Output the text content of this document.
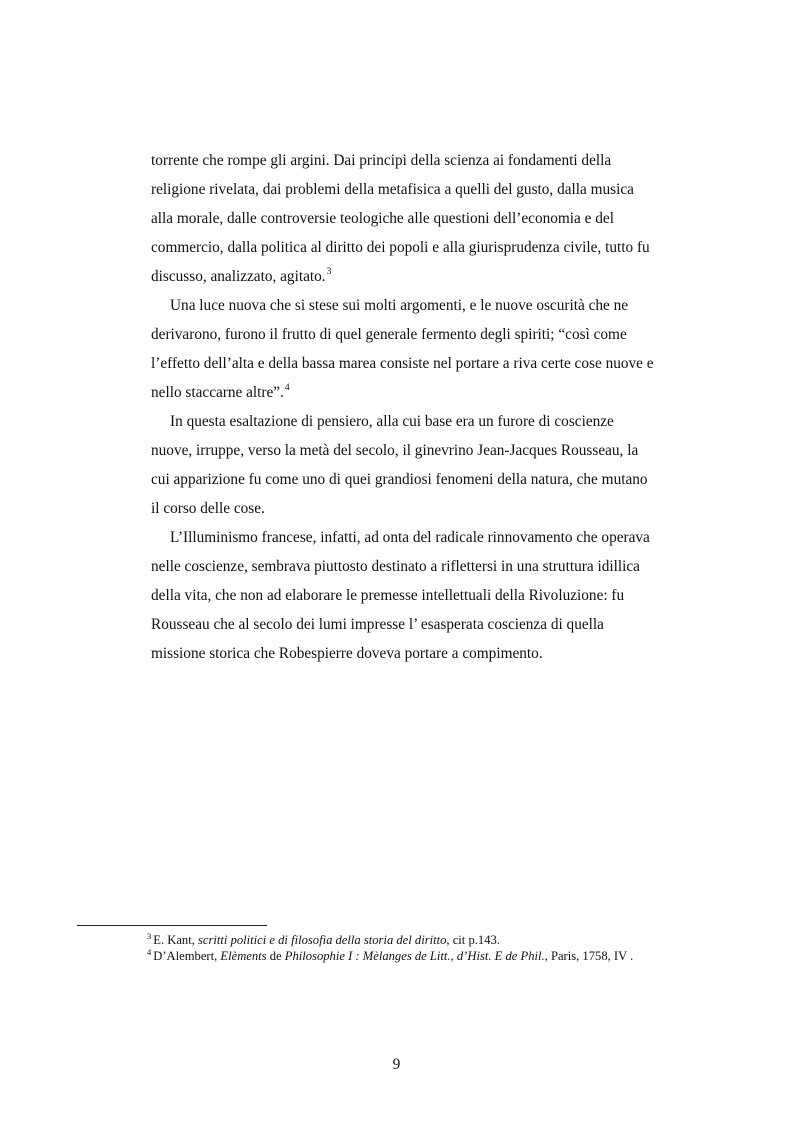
torrente che rompe gli argini. Dai principi della scienza ai fondamenti della
religione rivelata, dai problemi della metafisica a quelli del gusto, dalla musica
alla morale, dalle controversie teologiche alle questioni dell’economia e del
commercio, dalla politica al diritto dei popoli e alla giurisprudenza civile, tutto fu
discusso, analizzato, agitato.$^3$
Una luce nuova che si stese sui molti argomenti, e le nuove oscurità che ne
derivarono, furono il frutto di quel generale fermento degli spiriti; “così come
l’effetto dell’alta e della bassa marea consiste nel portare a riva certe cose nuove e
nello staccarne altre”.$^4$
In questa esaltazione di pensiero, alla cui base era un furore di coscienze
nuove, irruppe, verso la metà del secolo, il ginevrino Jean-Jacques Rousseau, la
cui apparizione fu come uno di quei grandiosi fenomeni della natura, che mutano
il corso delle cose.
L’Illuminismo francese, infatti, ad onta del radicale rinnovamento che operava
nelle coscienze, sembrava piuttosto destinato a riflettersi in una struttura idillica
della vita, che non ad elaborare le premesse intellettuali della Rivoluzione: fu
Rousseau che al secolo dei lumi impresse l’ esasperata coscienza di quella
missione storica che Robespierre doveva portare a compimento.

$^3$ E. Kant, scritti politici e di filosofia della storia del diritto, cit p.143.

$^4$ D’Alembert, Elèments de Philosophie I : Mèlanges de Litt., d’Hist. E de Phil., Paris, 1758, IV .

9
